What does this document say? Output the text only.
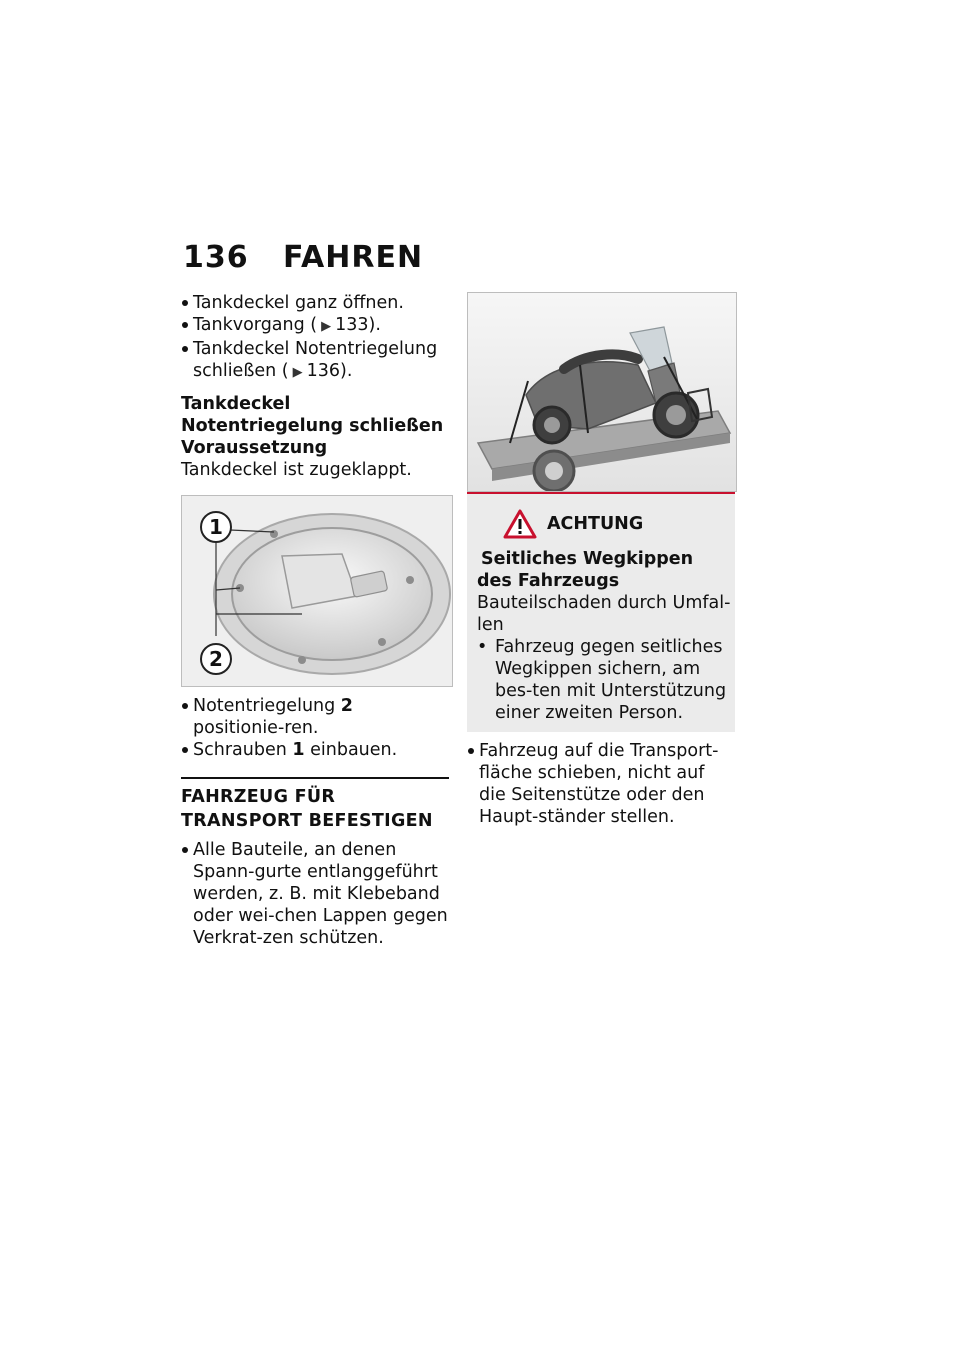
136 FAHREN

Tankdeckel ganz öffnen.

Tankvorgang ( ▶ 133).

Tankdeckel Notentriegelung schließen ( ▶ 136).

Tankdeckel Notentriegelung schließen
Voraussetzung

Tankdeckel ist zugeklappt.

1
2

Notentriegelung 2 positionie-ren.

Schrauben 1 einbauen.

FAHRZEUG FÜR TRANSPORT BEFESTIGEN

Alle Bauteile, an denen Spann-gurte entlanggeführt werden, z. B. mit Klebeband oder wei-chen Lappen gegen Verkrat-zen schützen.

ACHTUNG
Seitliches Wegkippen des Fahrzeugs

Bauteilschaden durch Umfal-len

• Fahrzeug gegen seitliches Wegkippen sichern, am bes-ten mit Unterstützung einer zweiten Person.

Fahrzeug auf die Transport-fläche schieben, nicht auf die Seitenstütze oder den Haupt-ständer stellen.
